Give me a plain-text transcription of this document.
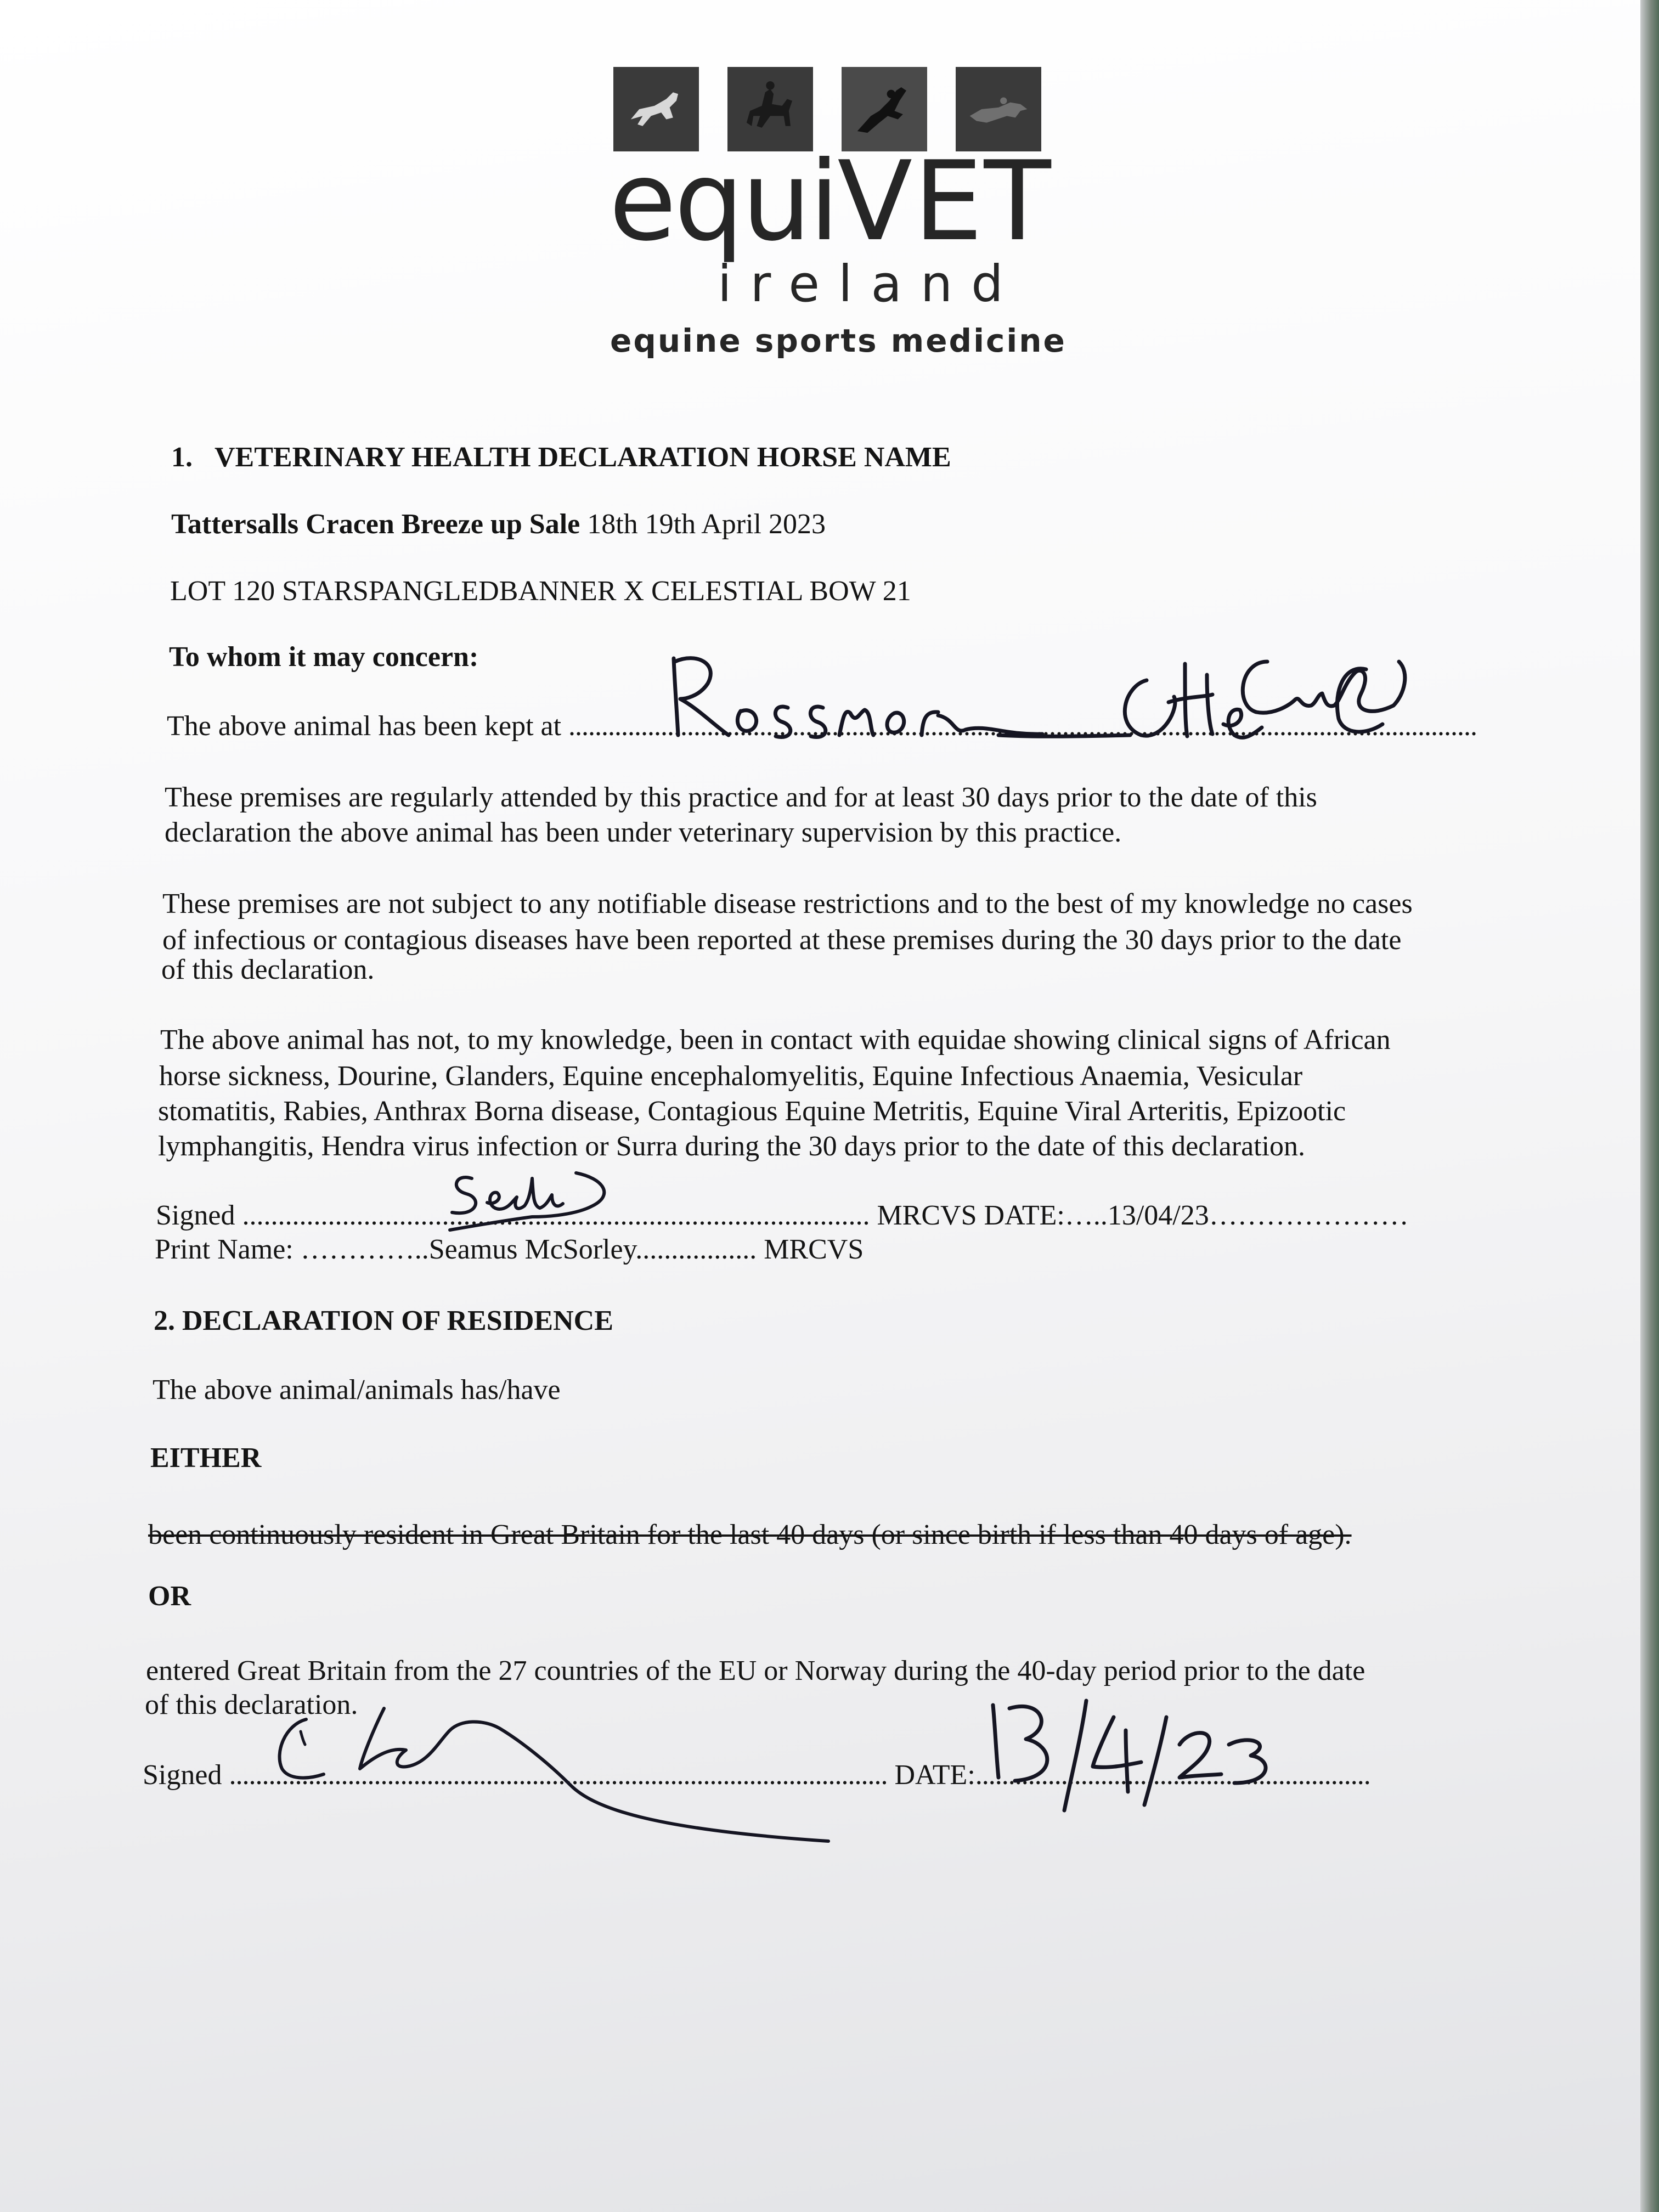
equiVET
ireland
equine sports medicine
1. VETERINARY HEALTH DECLARATION HORSE NAME
Tattersalls Cracen Breeze up Sale 18th 19th April 2023
LOT 120 STARSPANGLEDBANNER X CELESTIAL BOW 21
To whom it may concern:
The above animal has been kept at ..........................................................................................................................................
These premises are regularly attended by this practice and for at least 30 days prior to the date of this
declaration the above animal has been under veterinary supervision by this practice.
These premises are not subject to any notifiable disease restrictions and to the best of my knowledge no cases
of infectious or contagious diseases have been reported at these premises during the 30 days prior to the date
of this declaration.
The above animal has not, to my knowledge, been in contact with equidae showing clinical signs of African
horse sickness, Dourine, Glanders, Equine encephalomyelitis, Equine Infectious Anaemia, Vesicular
stomatitis, Rabies, Anthrax Borna disease, Contagious Equine Metritis, Equine Viral Arteritis, Epizootic
lymphangitis, Hendra virus infection or Surra during the 30 days prior to the date of this declaration.
Signed ........................................................................................ MRCVS DATE:…..13/04/23…………………
Print Name: …………..Seamus McSorley................. MRCVS
2. DECLARATION OF RESIDENCE
The above animal/animals has/have
EITHER
been continuously resident in Great Britain for the last 40 days (or since birth if less than 40 days of age).
OR
entered Great Britain from the 27 countries of the EU or Norway during the 40-day period prior to the date
of this declaration.
Signed .................................................................................................... DATE:............................................................
